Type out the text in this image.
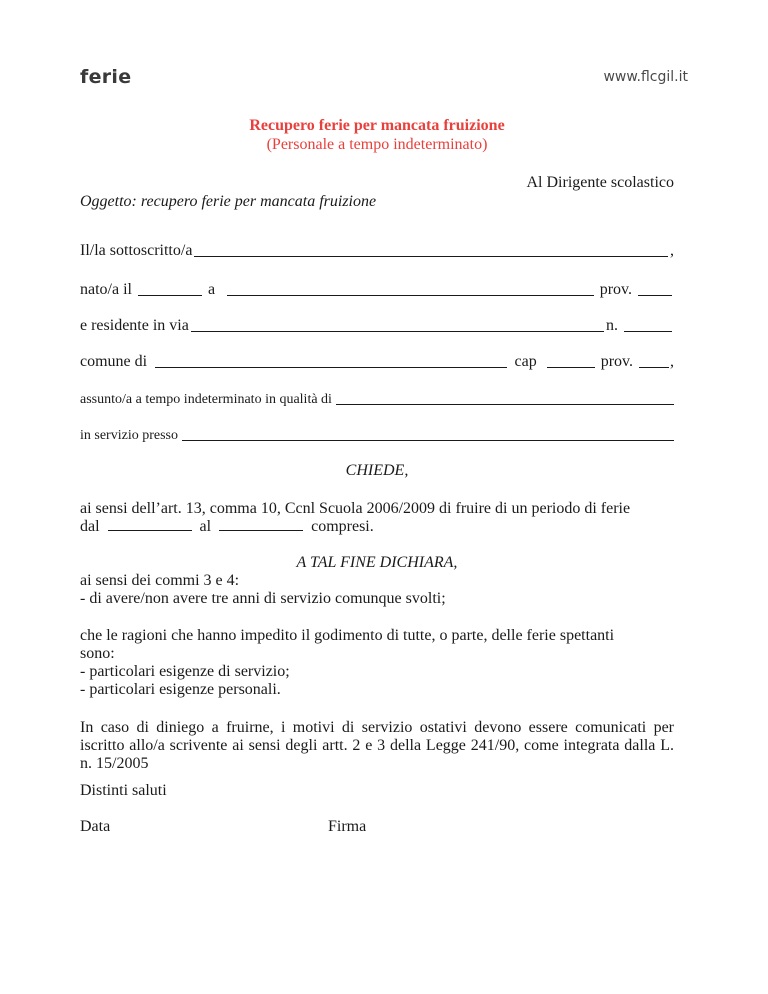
ferie	www.flcgil.it
Recupero ferie per mancata fruizione
(Personale a tempo indeterminato)
Al Dirigente scolastico
Oggetto: recupero ferie per mancata fruizione
Il/la sottoscritto/a	,
nato/a il	a	prov.
e residente in via	n.
comune di	cap	prov. ,
assunto/a a tempo indeterminato in qualità di
in servizio presso
CHIEDE,
ai sensi dell’art. 13, comma 10, Ccnl Scuola 2006/2009 di fruire di un periodo di ferie
dal	al	compresi.
A TAL FINE DICHIARA,
ai sensi dei commi 3 e 4:
- di avere/non avere tre anni di servizio comunque svolti;
che le ragioni che hanno impedito il godimento di tutte, o parte, delle ferie spettanti
sono:
- particolari esigenze di servizio;
- particolari esigenze personali.
In caso di diniego a fruirne, i motivi di servizio ostativi devono essere comunicati per iscritto allo/a scrivente ai sensi degli artt. 2 e 3 della Legge 241/90, come integrata dalla L. n. 15/2005
Distinti saluti
Data	Firma
